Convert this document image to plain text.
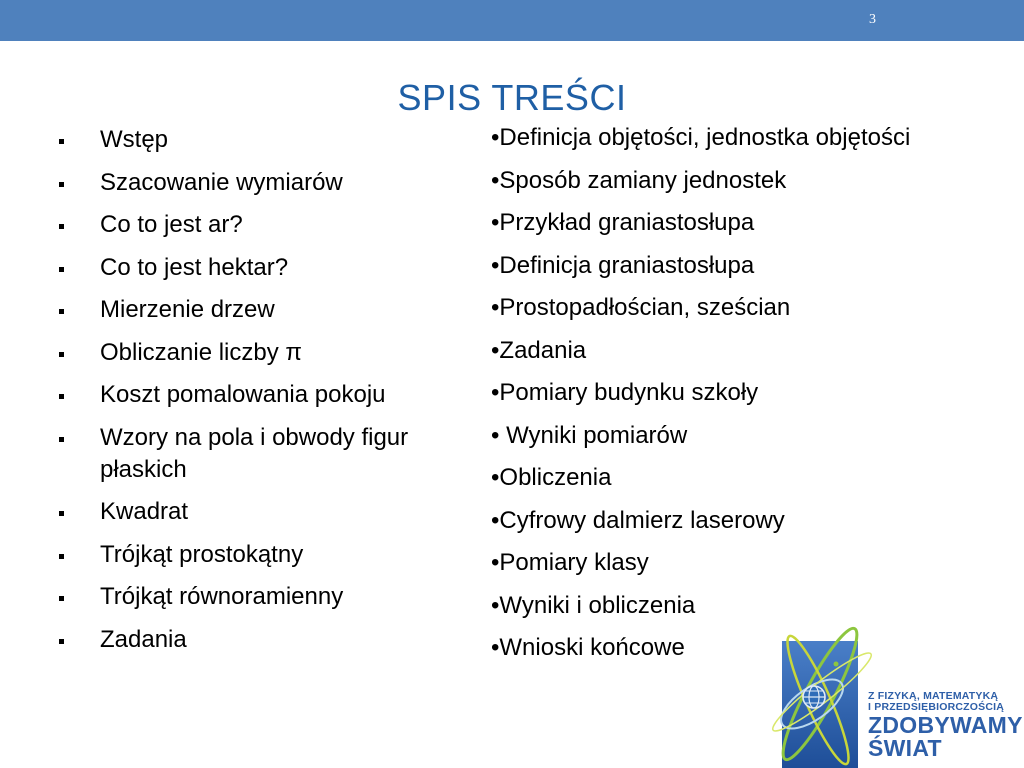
3
SPIS TREŚCI
Wstęp
Szacowanie wymiarów
Co to jest ar?
Co to jest hektar?
Mierzenie drzew
Obliczanie liczby π
Koszt pomalowania pokoju
Wzory na pola i obwody figur płaskich
Kwadrat
Trójkąt prostokątny
Trójkąt równoramienny
Zadania
•Definicja objętości, jednostka objętości
•Sposób zamiany jednostek
•Przykład graniastosłupa
•Definicja graniastosłupa
•Prostopadłościan, sześcian
•Zadania
•Pomiary budynku szkoły
• Wyniki pomiarów
•Obliczenia
•Cyfrowy dalmierz laserowy
•Pomiary klasy
•Wyniki i obliczenia
•Wnioski końcowe
Z FIZYKĄ, MATEMATYKĄ
I PRZEDSIĘBIORCZOŚCIĄ
ZDOBYWAMY
ŚWIAT
